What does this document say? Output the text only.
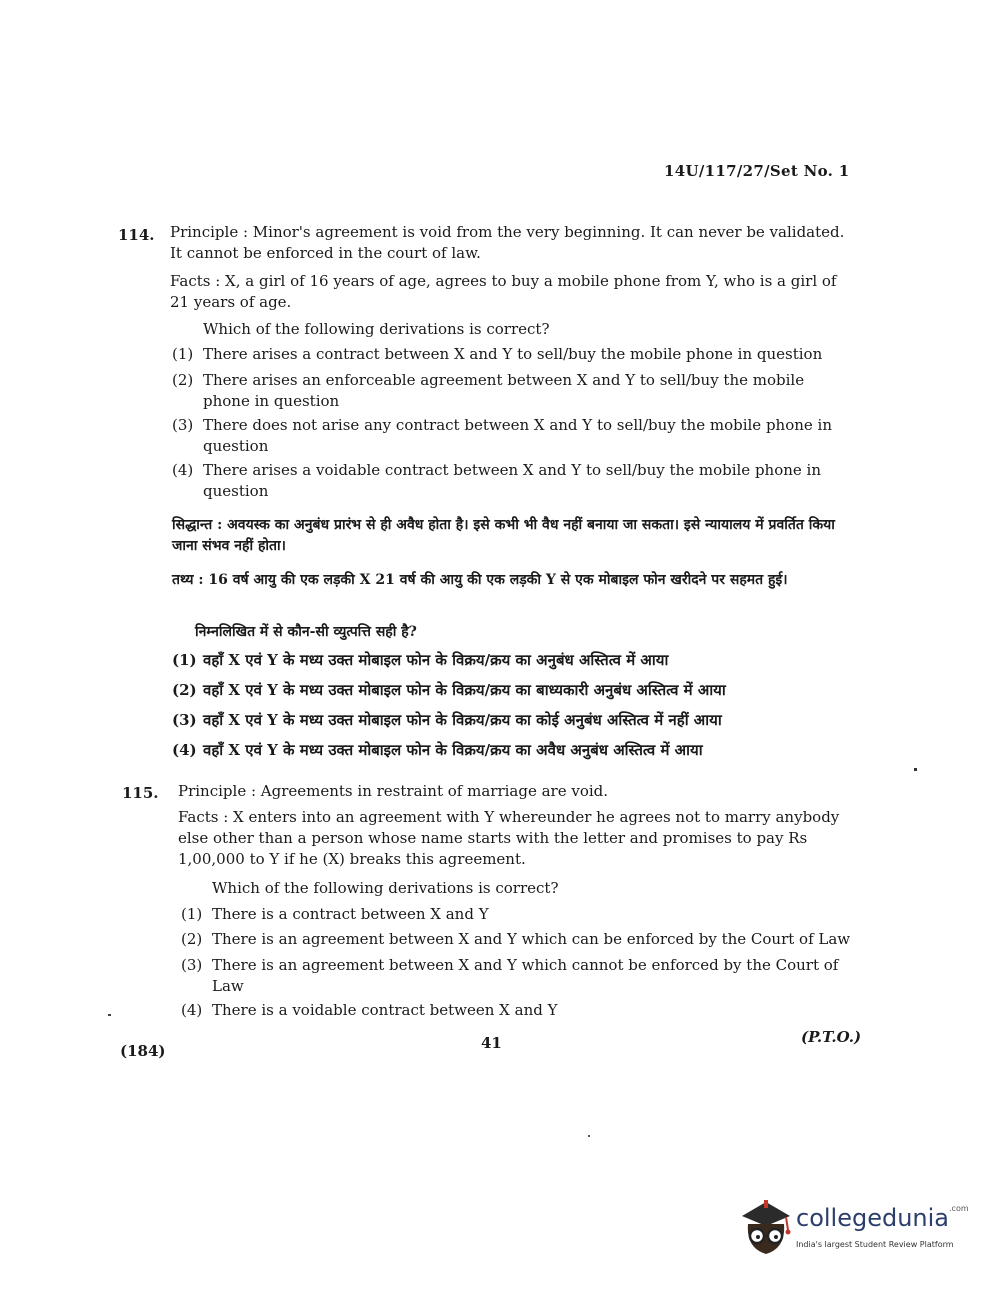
14U/117/27/Set No. 1
114. Principle : Minor's agreement is void from the very beginning. It can never be validated. It cannot be enforced in the court of law.
Facts : X, a girl of 16 years of age, agrees to buy a mobile phone from Y, who is a girl of 21 years of age.
Which of the following derivations is correct?
(1) There arises a contract between X and Y to sell/buy the mobile phone in question
(2) There arises an enforceable agreement between X and Y to sell/buy the mobile phone in question
(3) There does not arise any contract between X and Y to sell/buy the mobile phone in question
(4) There arises a voidable contract between X and Y to sell/buy the mobile phone in question
सिद्धान्त : अवयस्क का अनुबंध प्रारंभ से ही अवैध होता है। इसे कभी भी वैध नहीं बनाया जा सकता। इसे न्यायालय में प्रवर्तित किया जाना संभव नहीं होता।
तथ्य : 16 वर्ष आयु की एक लड़की X 21 वर्ष की आयु की एक लड़की Y से एक मोबाइल फोन खरीदने पर सहमत हुई।
निम्नलिखित में से कौन-सी व्युत्पत्ति सही है?
(1) वहाँ X एवं Y के मध्य उक्त मोबाइल फोन के विक्रय/क्रय का अनुबंध अस्तित्व में आया
(2) वहाँ X एवं Y के मध्य उक्त मोबाइल फोन के विक्रय/क्रय का बाध्यकारी अनुबंध अस्तित्व में आया
(3) वहाँ X एवं Y के मध्य उक्त मोबाइल फोन के विक्रय/क्रय का कोई अनुबंध अस्तित्व में नहीं आया
(4) वहाँ X एवं Y के मध्य उक्त मोबाइल फोन के विक्रय/क्रय का अवैध अनुबंध अस्तित्व में आया
115. Principle : Agreements in restraint of marriage are void.
Facts : X enters into an agreement with Y whereunder he agrees not to marry anybody else other than a person whose name starts with the letter and promises to pay Rs 1,00,000 to Y if he (X) breaks this agreement.
Which of the following derivations is correct?
(1) There is a contract between X and Y
(2) There is an agreement between X and Y which can be enforced by the Court of Law
(3) There is an agreement between X and Y which cannot be enforced by the Court of Law
(4) There is a voidable contract between X and Y
(184)	41	(P.T.O.)
collegedunia$^{.com}$
India's largest Student Review Platform
